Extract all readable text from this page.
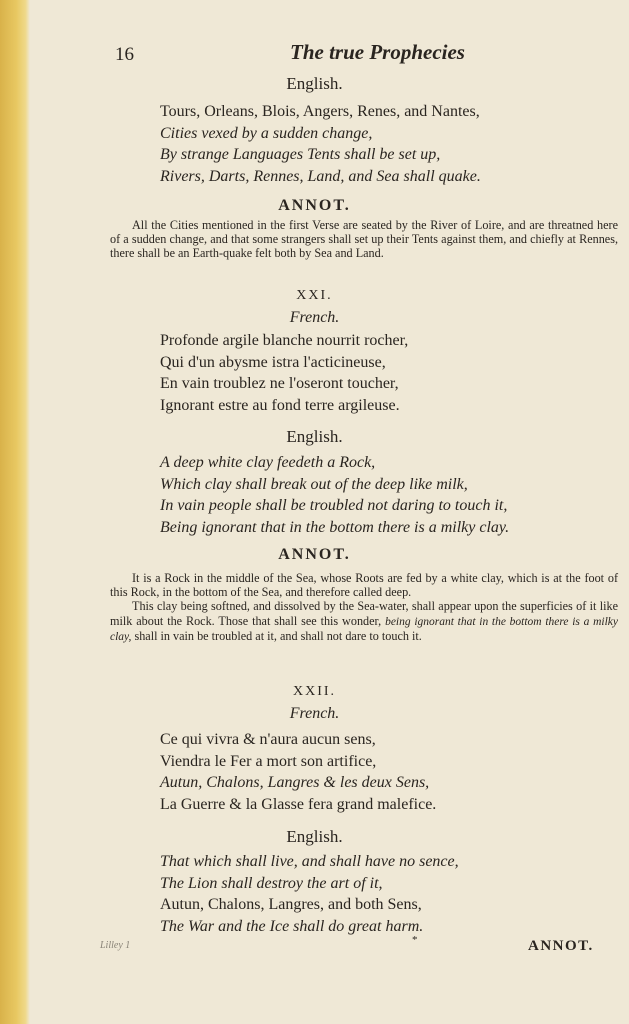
16	The true Prophecies
English.
Tours, Orleans, Blois, Angers, Renes, and Nantes,
Cities vexed by a sudden change,
By strange Languages Tents shall be set up,
Rivers, Darts, Rennes, Land, and Sea shall quake.
ANNOT.

All the Cities mentioned in the first Verse are seated by the River of Loire, and are threatned here of a sudden change, and that some strangers shall set up their Tents against them, and chiefly at Rennes, there shall be an Earth-quake felt both by Sea and Land.

XXI.
French.
Profonde argile blanche nourrit rocher,
Qui d'un abysme istra l'acticineuse,
En vain troublez ne l'oseront toucher,
Ignorant estre au fond terre argileuse.
English.
A deep white clay feedeth a Rock,
Which clay shall break out of the deep like milk,
In vain people shall be troubled not daring to touch it,
Being ignorant that in the bottom there is a milky clay.
ANNOT.

It is a Rock in the middle of the Sea, whose Roots are fed by a white clay, which is at the foot of this Rock, in the bottom of the Sea, and therefore called deep.

This clay being softned, and dissolved by the Sea-water, shall appear upon the superficies of it like milk about the Rock. Those that shall see this wonder, being ignorant that in the bottom there is a milky clay, shall in vain be troubled at it, and shall not dare to touch it.

XXII.
French.
Ce qui vivra & n'aura aucun sens,
Viendra le Fer a mort son artifice,
Autun, Chalons, Langres & les deux Sens,
La Guerre & la Glasse fera grand malefice.
English.
That which shall live, and shall have no sence,
The Lion shall destroy the art of it,
Autun, Chalons, Langres, and both Sens,
The War and the Ice shall do great harm.
Lilley 1	*	ANNOT.
